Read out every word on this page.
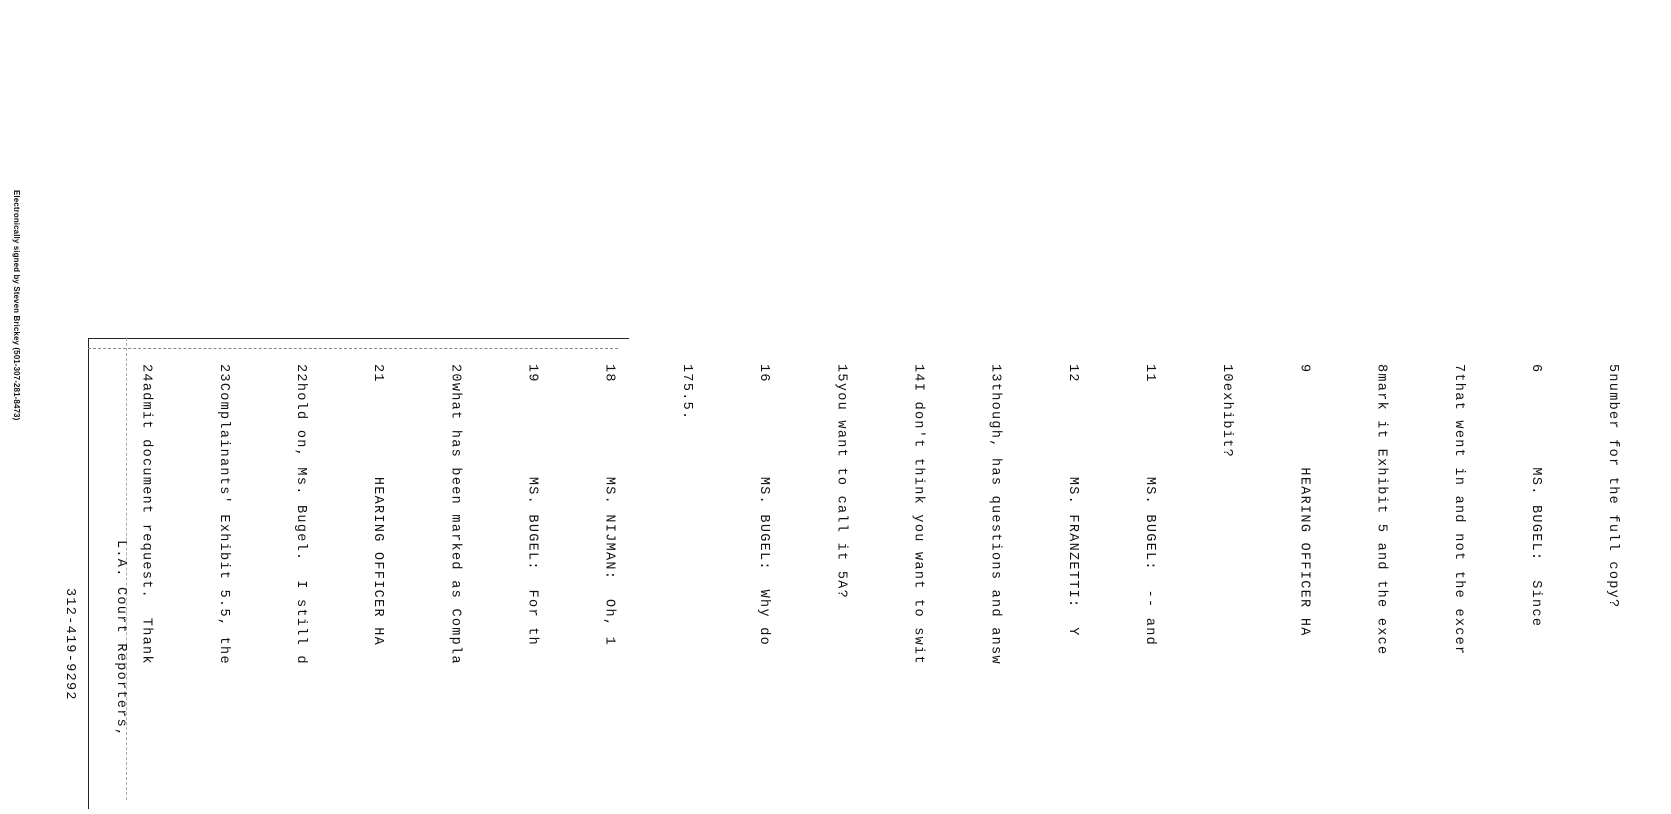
Electronically signed by Steven Brickey (501-307-281-8473)

	5number for the full copy?

6          MS. BUGEL:  Since

7that went in and not the excer

8mark it Exhibit 5 and the exce

9          HEARING OFFICER HA

10exhibit?

11          MS. BUGEL:  -- and

12          MS. FRANZETTI:  Y

13though, has questions and answ

14I don't think you want to swit

15you want to call it 5A?

16          MS. BUGEL:  Why do

175.5.

18          MS. NIJMAN:  Oh, 1

19          MS. BUGEL:  For th

20what has been marked as Compla

21          HEARING OFFICER HA

22hold on, Ms. Bugel.  I still d

23Complainants' Exhibit 5.5, the

24admit document request.  Thank

L.A. Court Reporters,

312-419-9292
